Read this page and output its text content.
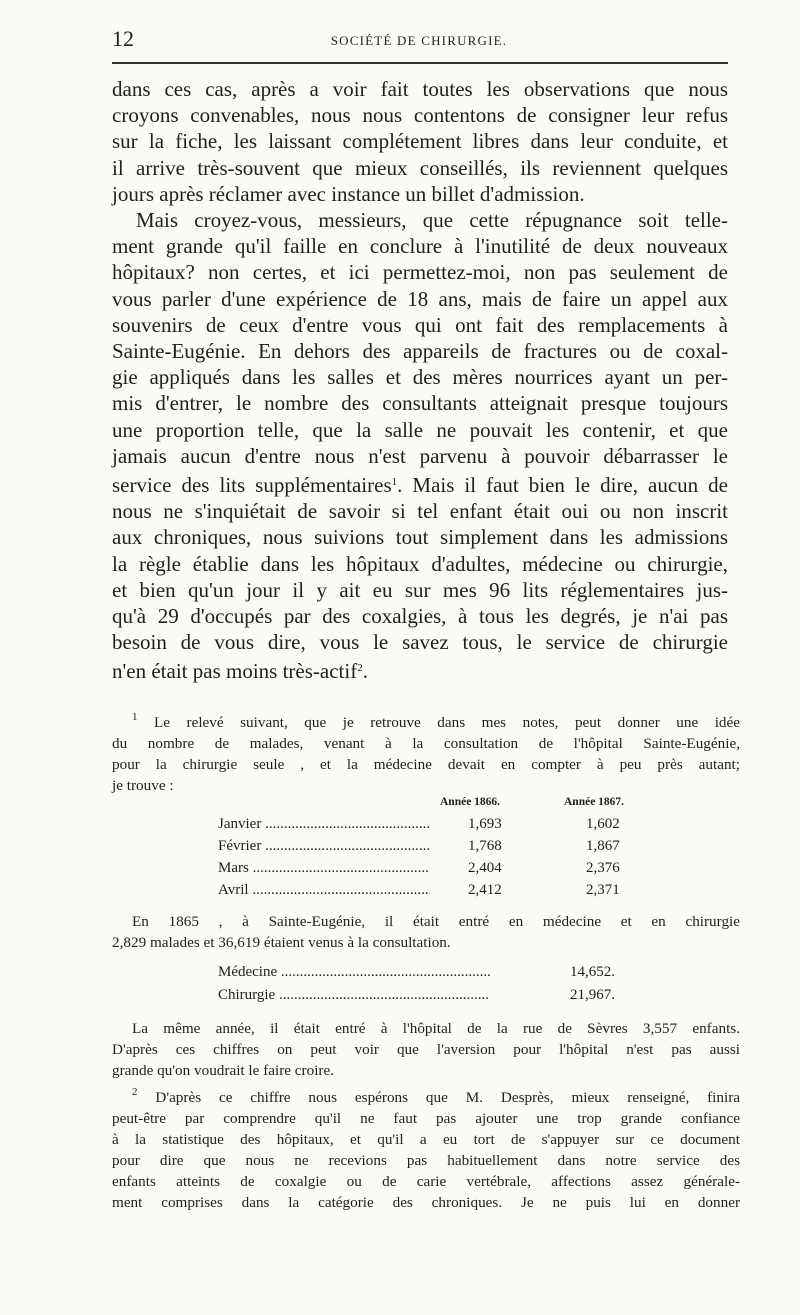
12	SOCIÉTÉ DE CHIRURGIE.
dans ces cas, après a voir fait toutes les observations que nous
croyons convenables, nous nous contentons de consigner leur refus
sur la fiche, les laissant complétement libres dans leur conduite, et
il arrive très-souvent que mieux conseillés, ils reviennent quelques
jours après réclamer avec instance un billet d'admission.
Mais croyez-vous, messieurs, que cette répugnance soit telle-
ment grande qu'il faille en conclure à l'inutilité de deux nouveaux
hôpitaux? non certes, et ici permettez-moi, non pas seulement de
vous parler d'une expérience de 18 ans, mais de faire un appel aux
souvenirs de ceux d'entre vous qui ont fait des remplacements à
Sainte-Eugénie. En dehors des appareils de fractures ou de coxal-
gie appliqués dans les salles et des mères nourrices ayant un per-
mis d'entrer, le nombre des consultants atteignait presque toujours
une proportion telle, que la salle ne pouvait les contenir, et que
jamais aucun d'entre nous n'est parvenu à pouvoir débarrasser le
service des lits supplémentaires$^1$. Mais il faut bien le dire, aucun de
nous ne s'inquiétait de savoir si tel enfant était oui ou non inscrit
aux chroniques, nous suivions tout simplement dans les admissions
la règle établie dans les hôpitaux d'adultes, médecine ou chirurgie,
et bien qu'un jour il y ait eu sur mes 96 lits réglementaires jus-
qu'à 29 d'occupés par des coxalgies, à tous les degrés, je n'ai pas
besoin de vous dire, vous le savez tous, le service de chirurgie
n'en était pas moins très-actif$^2$.
$^1$ Le relevé suivant, que je retrouve dans mes notes, peut donner une idée
du nombre de malades, venant à la consultation de l'hôpital Sainte-Eugénie,
pour la chirurgie seule , et la médecine devait en compter à peu près autant;
je trouve :
En 1865 , à Sainte-Eugénie, il était entré en médecine et en chirurgie
2,829 malades et 36,619 étaient venus à la consultation.
La même année, il était entré à l'hôpital de la rue de Sèvres 3,557 enfants.
D'après ces chiffres on peut voir que l'aversion pour l'hôpital n'est pas aussi
grande qu'on voudrait le faire croire.
$^2$ D'après ce chiffre nous espérons que M. Desprès, mieux renseigné, finira
peut-être par comprendre qu'il ne faut pas ajouter une trop grande confiance
à la statistique des hôpitaux, et qu'il a eu tort de s'appuyer sur ce document
pour dire que nous ne recevions pas habituellement dans notre service des
enfants atteints de coxalgie ou de carie vertébrale, affections assez générale-
ment comprises dans la catégorie des chroniques. Je ne puis lui en donner
Année 1866.	Année 1867.
Janvier .....	1,693	1,602
Février .....	1,768	1,867
Mars .....	2,404	2,376
Avril .....	2,412	2,371
Médecine .....	14,652.
Chirurgie .....	21,967.
